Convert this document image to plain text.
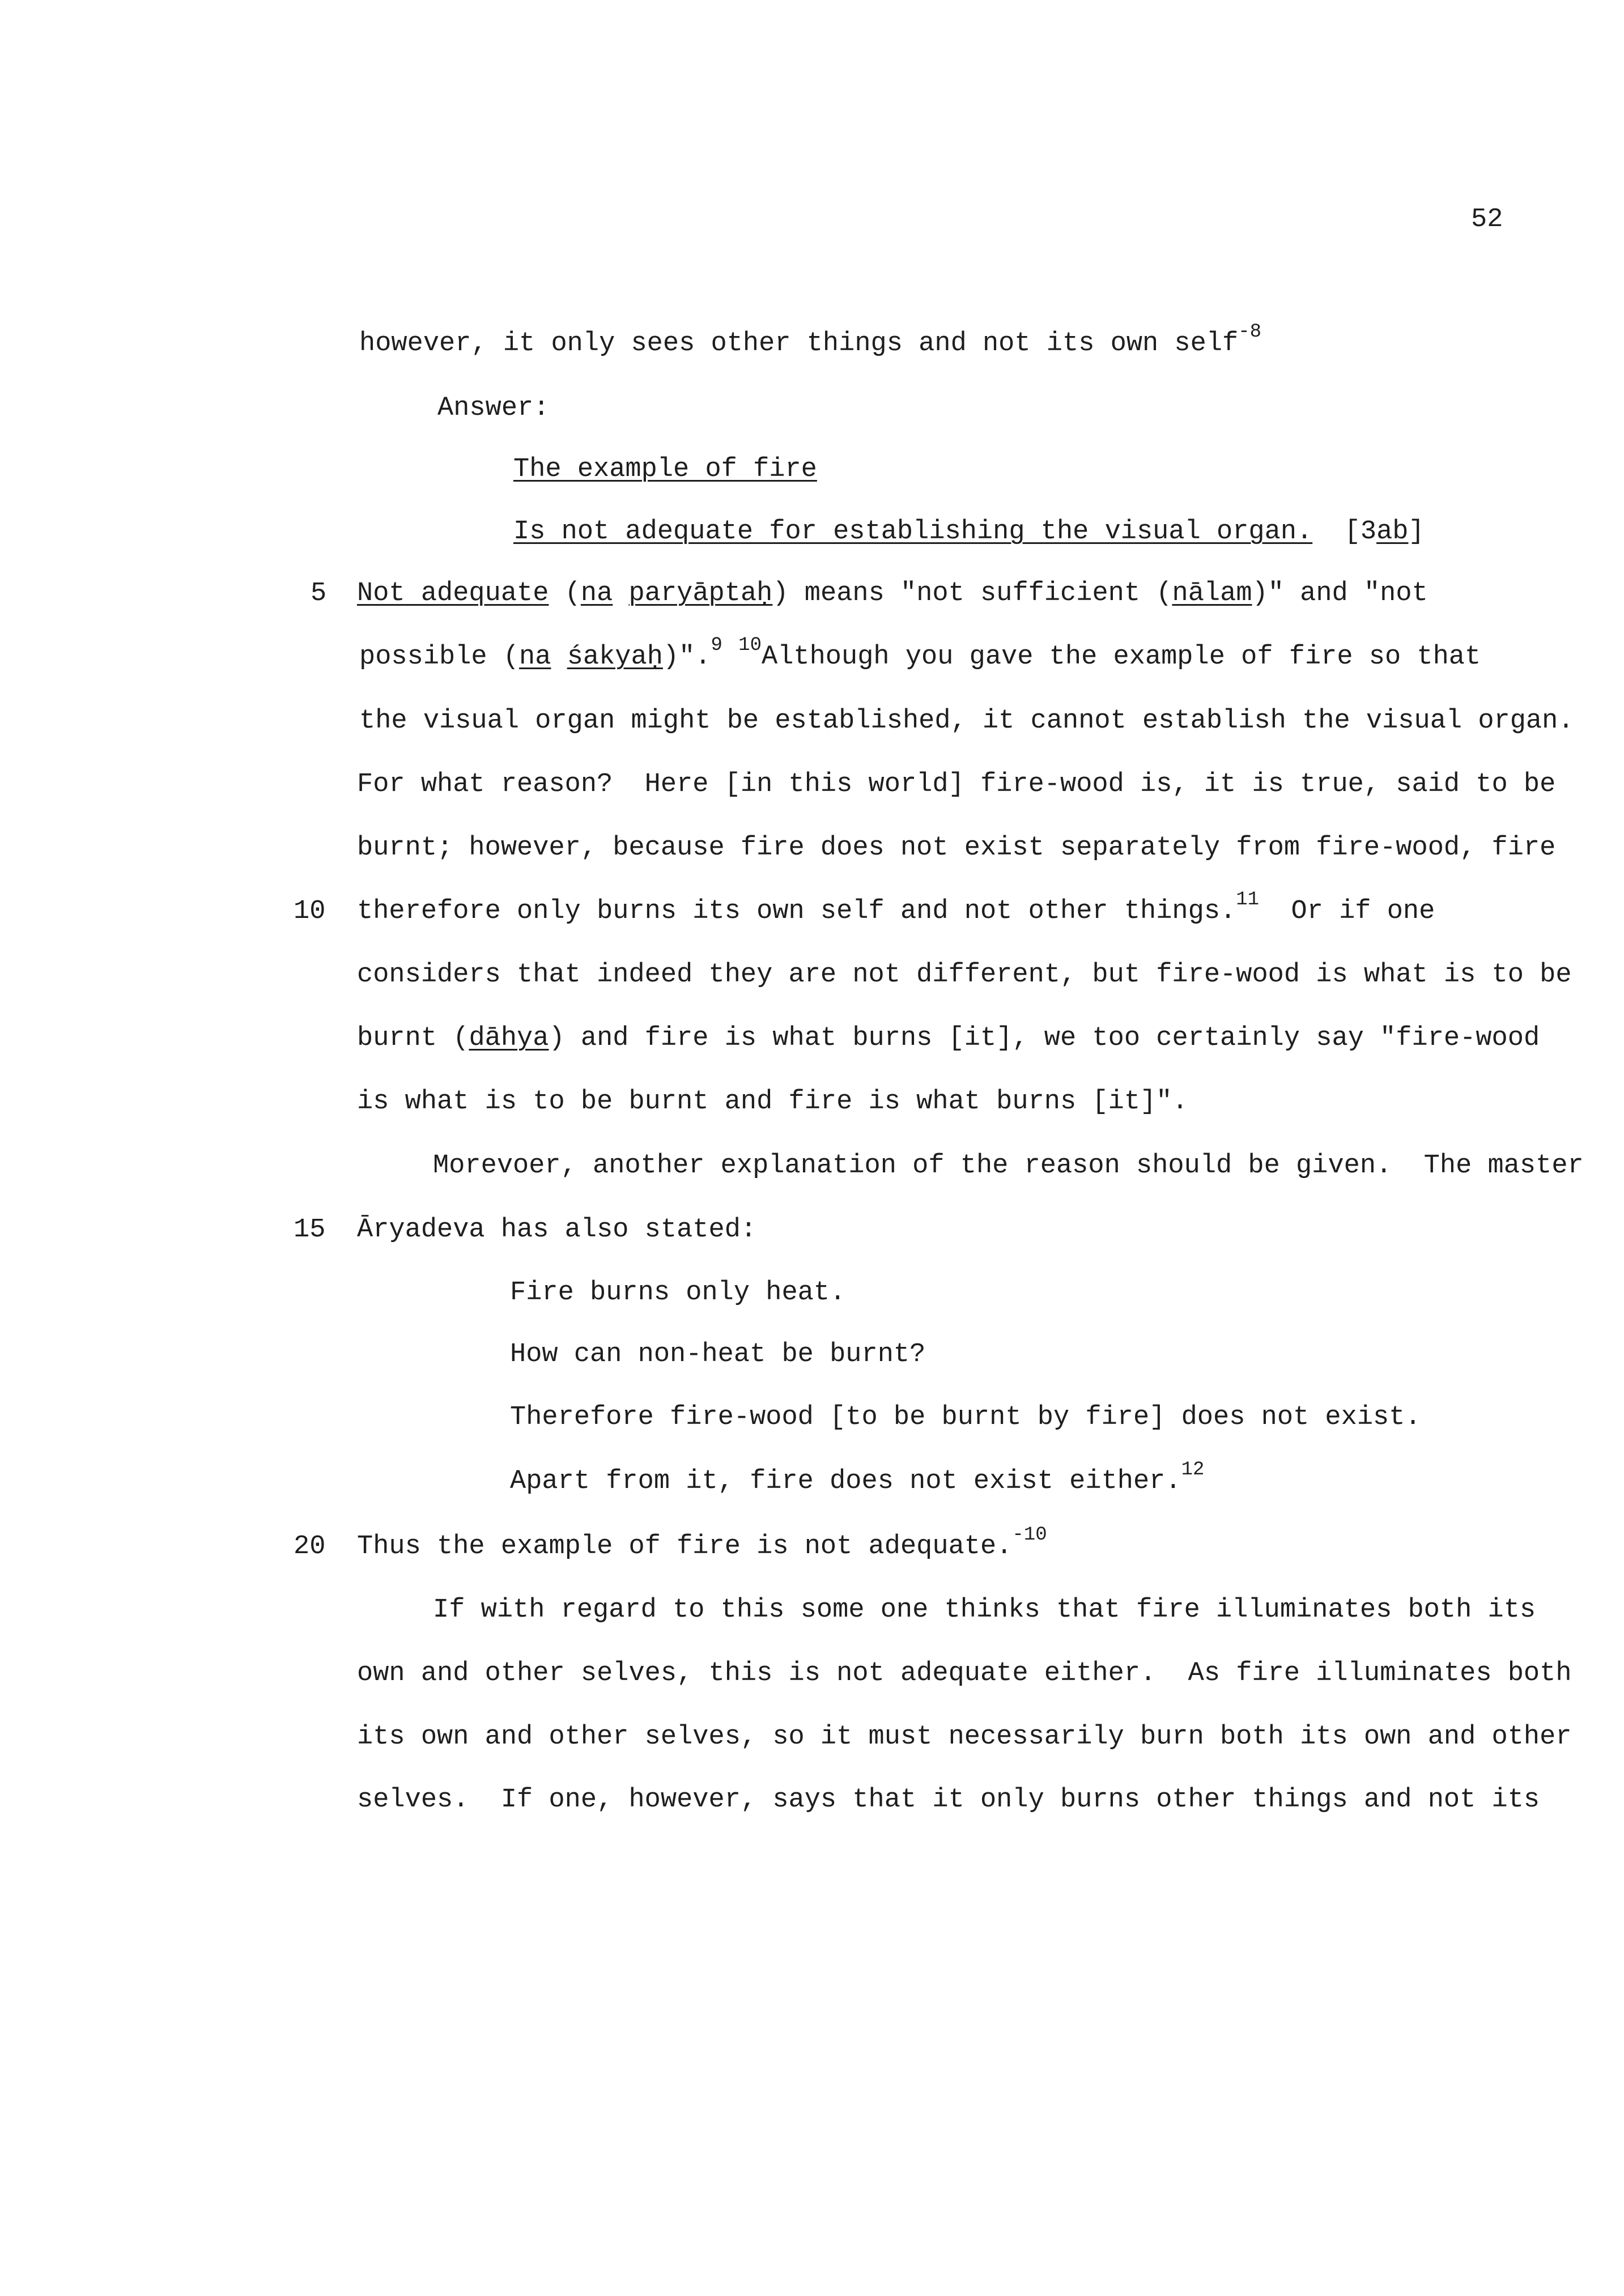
52
5
10
15
20
however, it only sees other things and not its own self$^{-8}$
Answer:
The example of fire
Is not adequate for establishing the visual organ.  [3ab]
Not adequate (na paryāptaḥ) means "not sufficient (nālam)" and "not
possible (na śakyaḥ)".$^9$ $^{10}$Although you gave the example of fire so that
the visual organ might be established, it cannot establish the visual organ.
For what reason?  Here [in this world] fire-wood is, it is true, said to be
burnt; however, because fire does not exist separately from fire-wood, fire
therefore only burns its own self and not other things.$^{11}$  Or if one
considers that indeed they are not different, but fire-wood is what is to be
burnt (dāhya) and fire is what burns [it], we too certainly say "fire-wood
is what is to be burnt and fire is what burns [it]".
Morevoer, another explanation of the reason should be given.  The master
Āryadeva has also stated:
Fire burns only heat.
How can non-heat be burnt?
Therefore fire-wood [to be burnt by fire] does not exist.
Apart from it, fire does not exist either.$^{12}$
Thus the example of fire is not adequate.$^{-10}$
If with regard to this some one thinks that fire illuminates both its
own and other selves, this is not adequate either.  As fire illuminates both
its own and other selves, so it must necessarily burn both its own and other
selves.  If one, however, says that it only burns other things and not its
